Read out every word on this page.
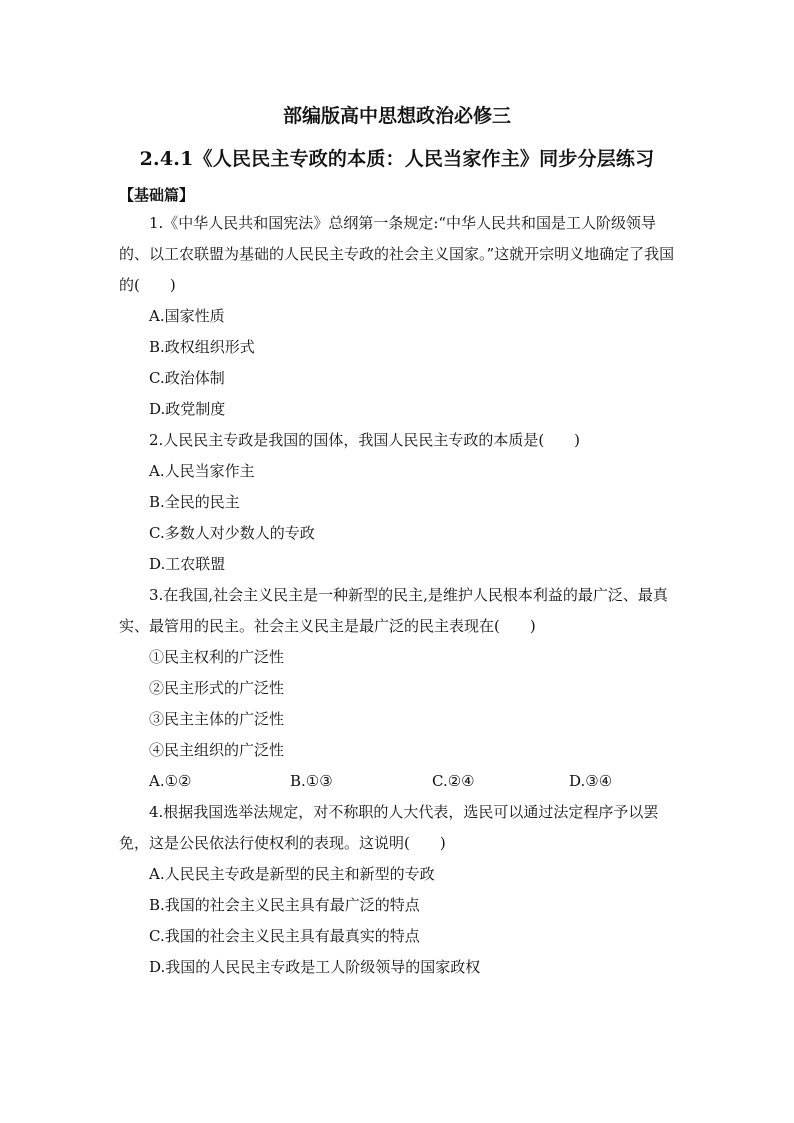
部编版高中思想政治必修三
2.4.1《人民民主专政的本质：人民当家作主》同步分层练习
【基础篇】

1.《中华人民共和国宪法》总纲第一条规定:“中华人民共和国是工人阶级领导的、以工农联盟为基础的人民民主专政的社会主义国家。”这就开宗明义地确定了我国的(　　)

A.国家性质

B.政权组织形式

C.政治体制

D.政党制度

2.人民民主专政是我国的国体，我国人民民主专政的本质是(　　)

A.人民当家作主

B.全民的民主

C.多数人对少数人的专政

D.工农联盟

3.在我国,社会主义民主是一种新型的民主,是维护人民根本利益的最广泛、最真实、最管用的民主。社会主义民主是最广泛的民主表现在(　　)

①民主权利的广泛性

②民主形式的广泛性

③民主主体的广泛性

④民主组织的广泛性

A.①②	B.①③	C.②④	D.③④

4.根据我国选举法规定，对不称职的人大代表，选民可以通过法定程序予以罢免，这是公民依法行使权利的表现。这说明(　　)

A.人民民主专政是新型的民主和新型的专政

B.我国的社会主义民主具有最广泛的特点

C.我国的社会主义民主具有最真实的特点

D.我国的人民民主专政是工人阶级领导的国家政权
